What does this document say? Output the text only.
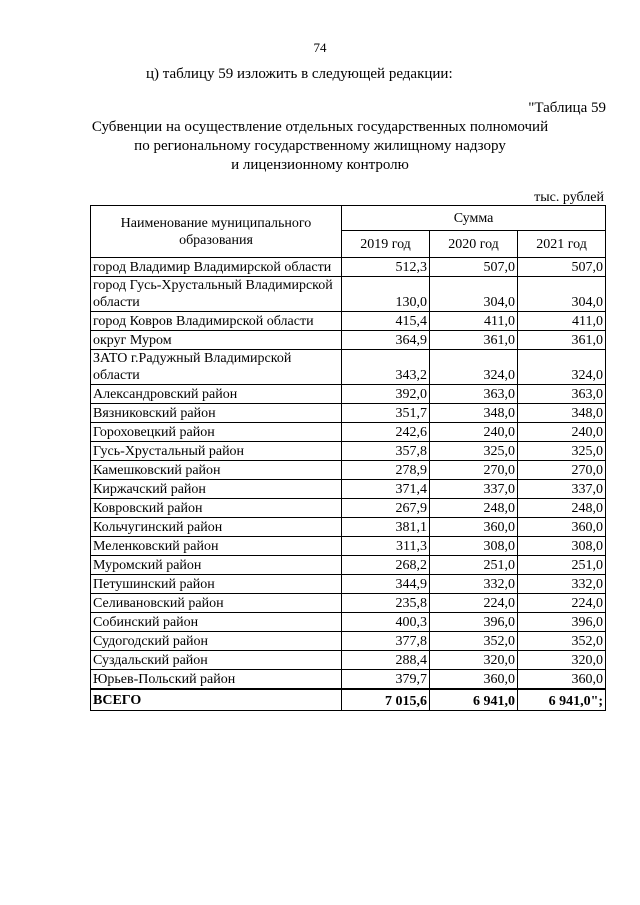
74
ц) таблицу 59 изложить в следующей редакции:
"Таблица 59
Субвенции на осуществление отдельных государственных полномочий
по региональному государственному жилищному надзору
и лицензионному контролю
тыс. рублей
Наименование муниципального образования	Сумма		
	2019 год	2020 год	2021 год
город Владимир Владимирской области	512,3	507,0	507,0
город Гусь-Хрустальный Владимирской области	130,0	304,0	304,0
город Ковров Владимирской области	415,4	411,0	411,0
округ Муром	364,9	361,0	361,0
ЗАТО г.Радужный Владимирской области	343,2	324,0	324,0
Александровский район	392,0	363,0	363,0
Вязниковский район	351,7	348,0	348,0
Гороховецкий район	242,6	240,0	240,0
Гусь-Хрустальный район	357,8	325,0	325,0
Камешковский район	278,9	270,0	270,0
Киржачский район	371,4	337,0	337,0
Ковровский район	267,9	248,0	248,0
Кольчугинский район	381,1	360,0	360,0
Меленковский район	311,3	308,0	308,0
Муромский район	268,2	251,0	251,0
Петушинский район	344,9	332,0	332,0
Селивановский район	235,8	224,0	224,0
Собинский район	400,3	396,0	396,0
Судогодский район	377,8	352,0	352,0
Суздальский район	288,4	320,0	320,0
Юрьев-Польский район	379,7	360,0	360,0
ВСЕГО	7 015,6	6 941,0	6 941,0";
